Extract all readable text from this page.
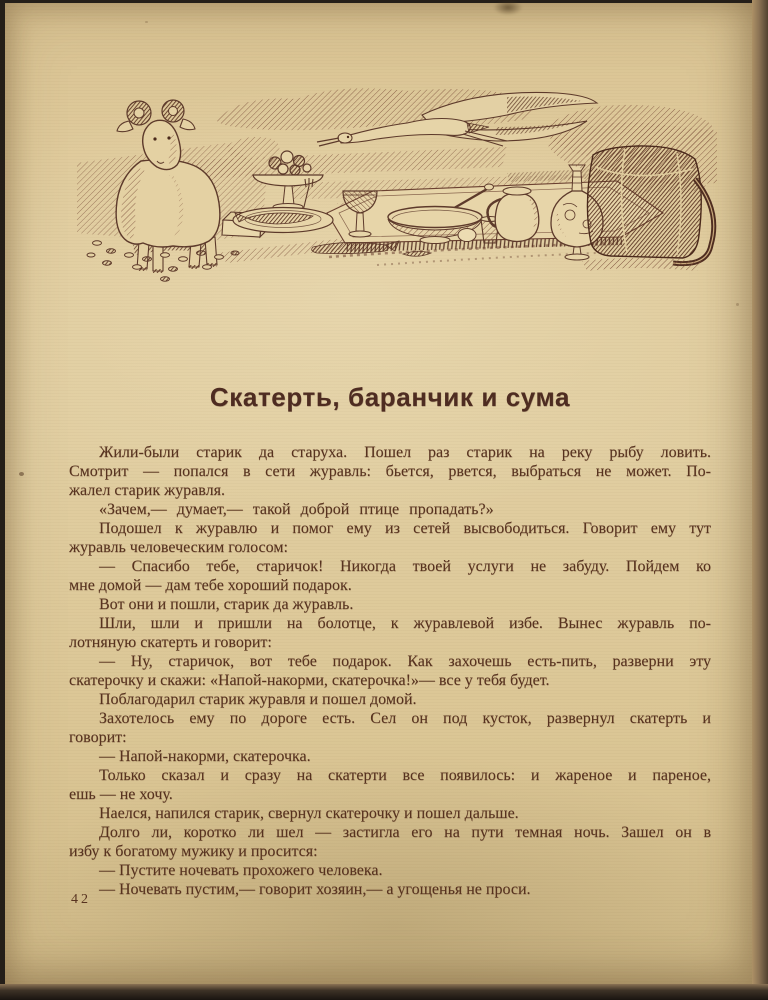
Скатерть, баранчик и сума
Жили-были старик да старуха. Пошел раз старик на реку рыбу ловить.
Смотрит — попался в сети журавль: бьется, рвется, выбраться не может. По-
жалел старик журавля.
«Зачем,— думает,— такой доброй птице пропадать?»
Подошел к журавлю и помог ему из сетей высвободиться. Говорит ему тут
журавль человеческим голосом:
— Спасибо тебе, старичок! Никогда твоей услуги не забуду. Пойдем ко
мне домой — дам тебе хороший подарок.
Вот они и пошли, старик да журавль.
Шли, шли и пришли на болотце, к журавлевой избе. Вынес журавль по-
лотняную скатерть и говорит:
— Ну, старичок, вот тебе подарок. Как захочешь есть-пить, разверни эту
скатерочку и скажи: «Напой-накорми, скатерочка!»— все у тебя будет.
Поблагодарил старик журавля и пошел домой.
Захотелось ему по дороге есть. Сел он под кусток, развернул скатерть и
говорит:
— Напой-накорми, скатерочка.
Только сказал и сразу на скатерти все появилось: и жареное и пареное,
ешь — не хочу.
Наелся, напился старик, свернул скатерочку и пошел дальше.
Долго ли, коротко ли шел — застигла его на пути темная ночь. Зашел он в
избу к богатому мужику и просится:
— Пустите ночевать прохожего человека.
— Ночевать пустим,— говорит хозяин,— а угощенья не проси.
42
